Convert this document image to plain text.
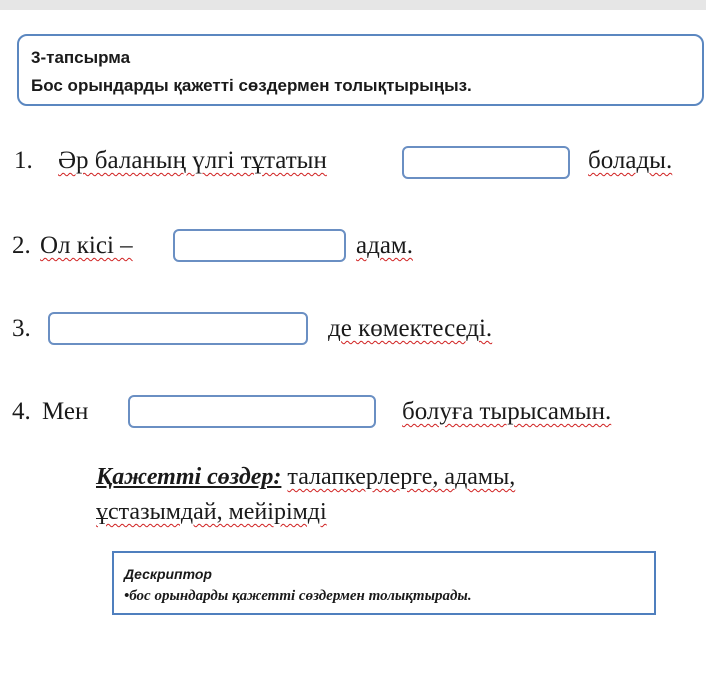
3-тапсырма
Бос орындарды қажетті сөздермен толықтырыңыз.
1. Әр баланың үлгі тұтатын	болады.
2. Ол кісі –	адам.
3.	де көмектеседі.
4. Мен	болуға тырысамын.
Қажетті сөздер: талапкерлерге, адамы,
ұстазымдай, мейірімді
Дескриптор
•бос орындарды қажетті сөздермен толықтырады.
